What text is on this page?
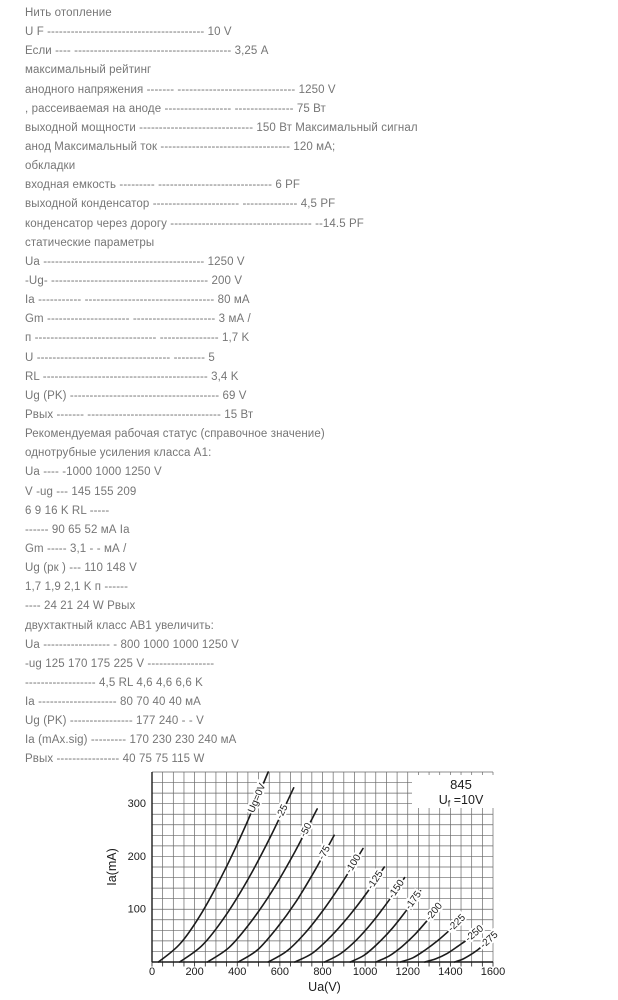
Нить отопление
U F ---------------------------------------- 10 V
Если ---- ---------------------------------------- 3,25 A
максимальный рейтинг
анодного напряжения ------- ------------------------------ 1250 V
, рассеиваемая на аноде ----------------- --------------- 75 Вт
выходной мощности ----------------------------- 150 Вт Максимальный сигнал
анод Максимальный ток --------------------------------- 120 мА;
обкладки
входная емкость --------- ----------------------------- 6 PF
выходной конденсатор ---------------------- -------------- 4,5 PF
конденсатор через дорогу ------------------------------------ --14.5 PF
статические параметры
Ua ----------------------------------------- 1250 V
-Ug- ---------------------------------------- 200 V
Ia ----------- --------------------------------- 80 мА
Gm --------------------- --------------------- 3 мА /
п ------------------------------- --------------- 1,7 K
U ---------------------------------- -------- 5
RL ------------------------------------------ 3,4 K
Ug (PK) -------------------------------------- 69 V
Рвых ------- ---------------------------------- 15 Вт
Рекомендуемая рабочая статус (справочное значение)
однотрубные усиления класса А1:
Ua ---- -1000 1000 1250 V
V -ug --- 145 155 209
6 9 16 K RL -----
------ 90 65 52 мА Ia
Gm ----- 3,1 - - мА /
Ug (рк ) --- 110 148 V
1,7 1,9 2,1 K п ------
---- 24 21 24 W Рвых
двухтактный класс АВ1 увеличить:
Ua ----------------- - 800 1000 1000 1250 V
-ug 125 170 175 225 V -----------------
------------------ 4,5 RL 4,6 4,6 6,6 K
Ia -------------------- 80 70 40 40 мА
Ug (PK) ---------------- 177 240 - - V
Ia (mAx.sig) --------- 170 230 230 240 мА
Рвых ---------------- 40 75 75 115 W
Ug=0V -25
-50
-75 -100
-125 -150
-175
-200
-225
-250
-275
845
$U_f =10V$
0	200 400 600 800 1000 1200 1400 1600
100
200
300
Ua(V)
Ia(mA)
